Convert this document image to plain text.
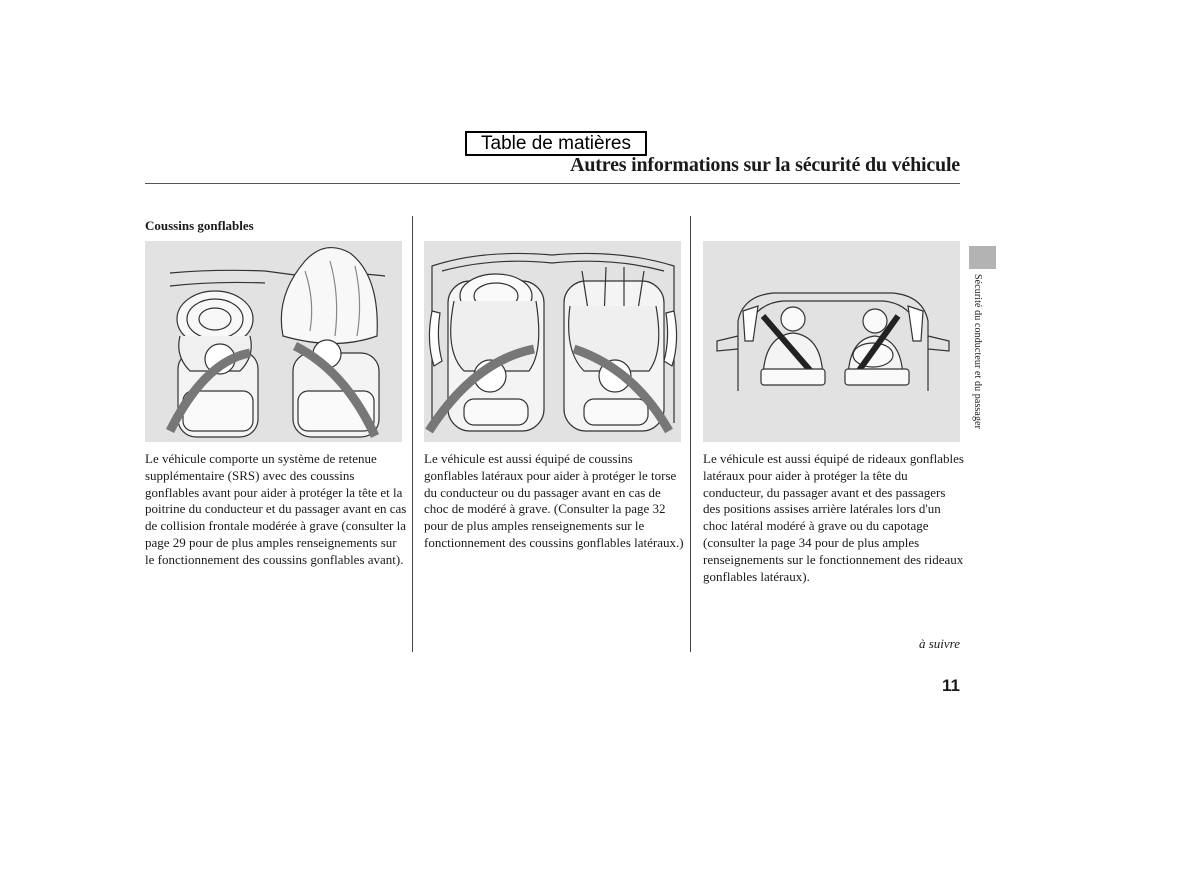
Table de matières
Autres informations sur la sécurité du véhicule
Coussins gonflables
Le véhicule comporte un système de retenue supplémentaire (SRS) avec des coussins gonflables avant pour aider à protéger la tête et la poitrine du conducteur et du passager avant en cas de collision frontale modérée à grave (consulter la page 29 pour de plus amples renseignements sur le fonctionnement des coussins gonflables avant).
Le véhicule est aussi équipé de coussins gonflables latéraux pour aider à protéger le torse du conducteur ou du passager avant en cas de choc de modéré à grave. (Consulter la page 32 pour de plus amples renseignements sur le fonctionnement des coussins gonflables latéraux.)
Le véhicule est aussi équipé de rideaux gonflables latéraux pour aider à protéger la tête du conducteur, du passager avant et des passagers des positions assises arrière latérales lors d'un choc latéral modéré à grave ou du capotage (consulter la page 34 pour de plus amples renseignements sur le fonctionnement des rideaux gonflables latéraux).
à suivre
11
Sécurité du conducteur et du passager
